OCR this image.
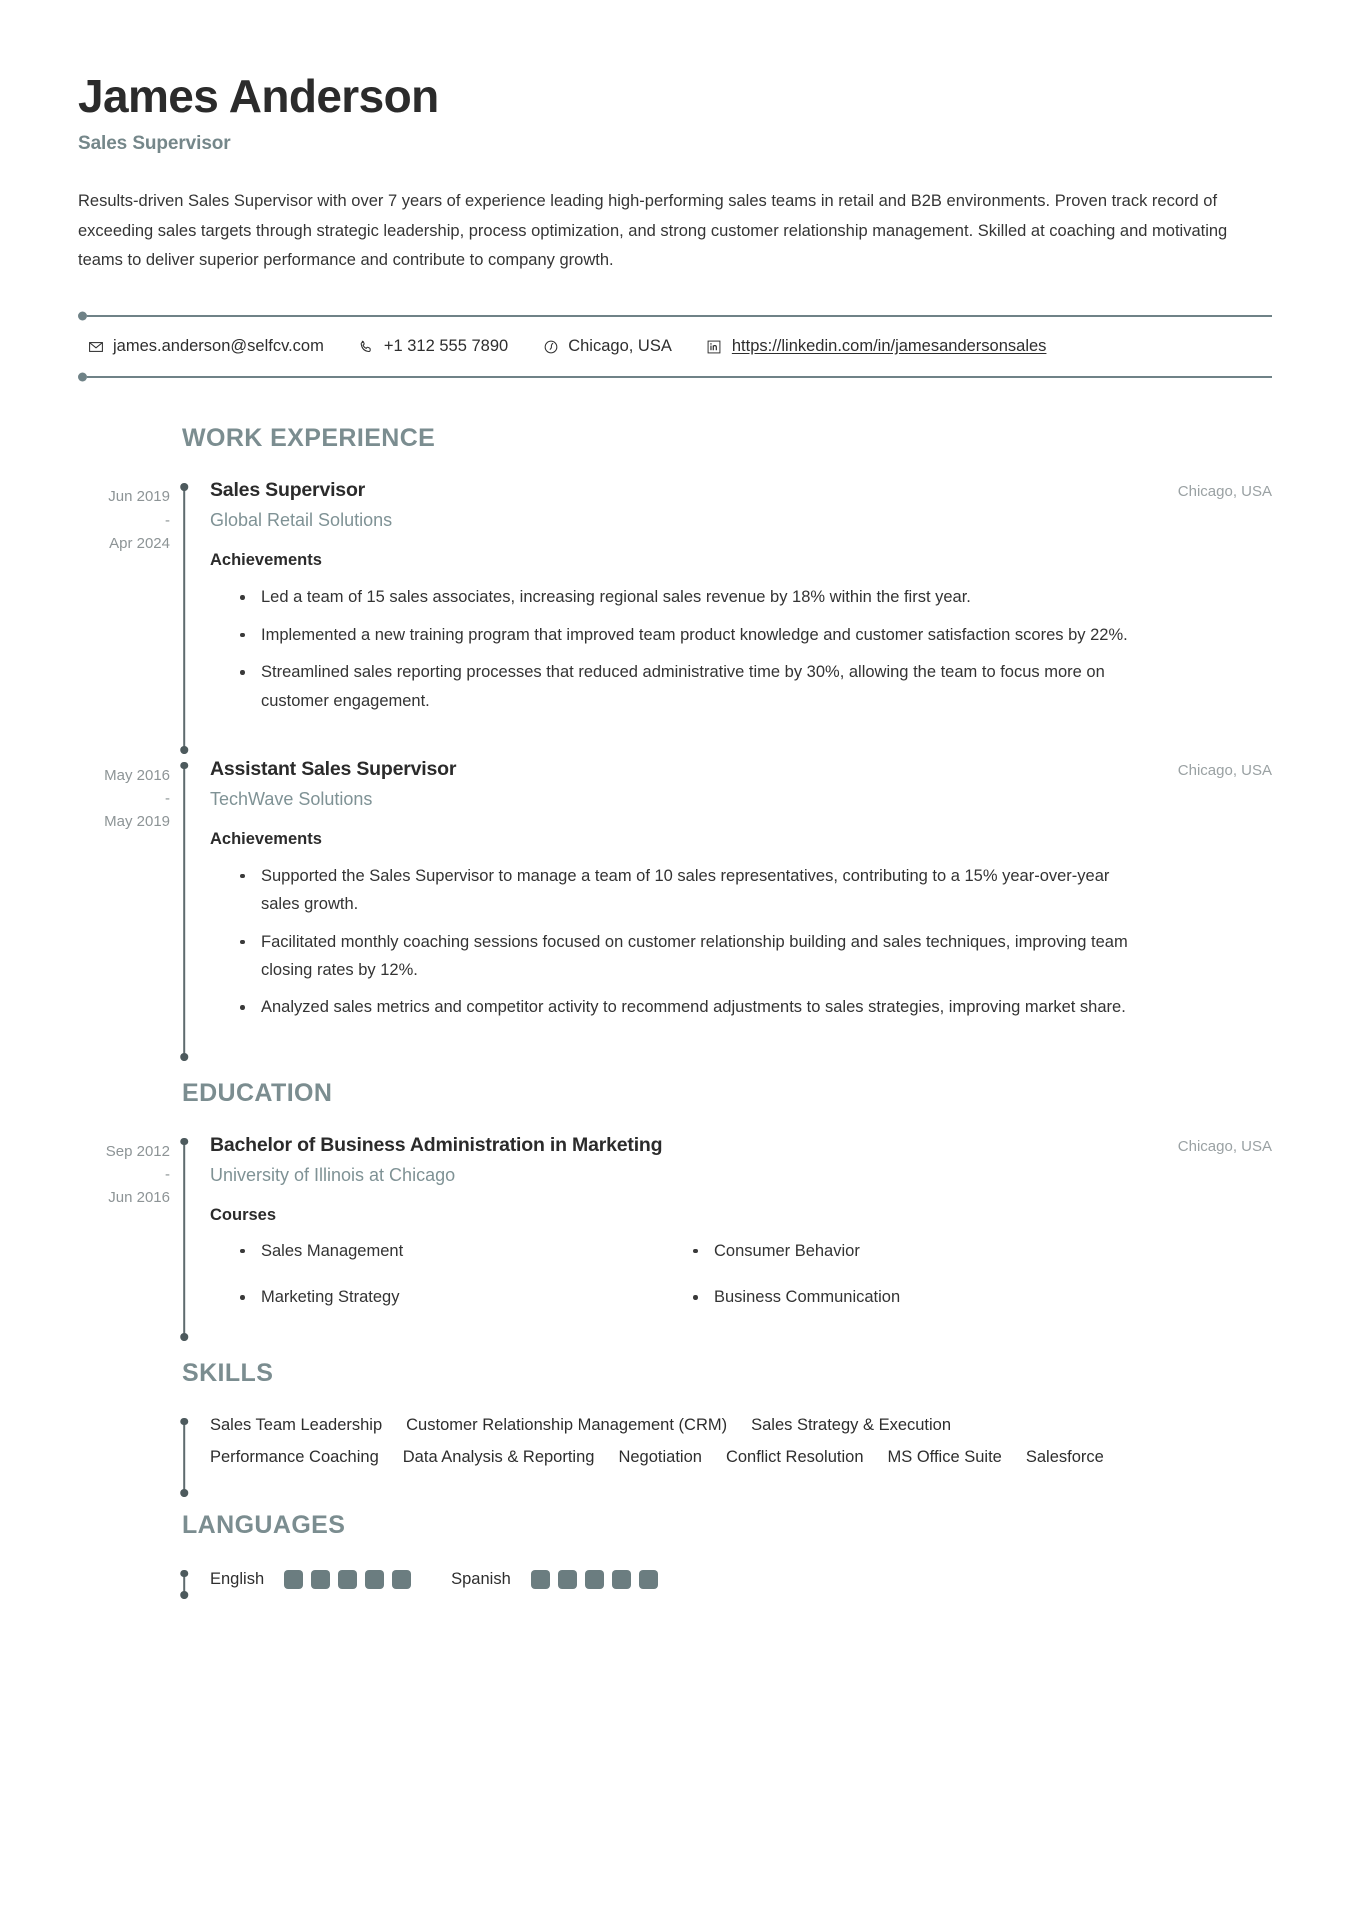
James Anderson
Sales Supervisor

Results-driven Sales Supervisor with over 7 years of experience leading high-performing sales teams in retail and B2B environments. Proven track record of exceeding sales targets through strategic leadership, process optimization, and strong customer relationship management. Skilled at coaching and motivating teams to deliver superior performance and contribute to company growth.

james.anderson@selfcv.com	+1 312 555 7890	Chicago, USA	https://linkedin.com/in/jamesandersonsales
WORK EXPERIENCE
Jun 2019
-
Apr 2024
Sales Supervisor	Chicago, USA
Global Retail Solutions
Achievements
Led a team of 15 sales associates, increasing regional sales revenue by 18% within the first year.
Implemented a new training program that improved team product knowledge and customer satisfaction scores by 22%.
Streamlined sales reporting processes that reduced administrative time by 30%, allowing the team to focus more on customer engagement.
May 2016
-
May 2019
Assistant Sales Supervisor	Chicago, USA
TechWave Solutions
Achievements
Supported the Sales Supervisor to manage a team of 10 sales representatives, contributing to a 15% year-over-year sales growth.
Facilitated monthly coaching sessions focused on customer relationship building and sales techniques, improving team closing rates by 12%.
Analyzed sales metrics and competitor activity to recommend adjustments to sales strategies, improving market share.
EDUCATION
Sep 2012
-
Jun 2016
Bachelor of Business Administration in Marketing	Chicago, USA
University of Illinois at Chicago
Courses
Sales Management	Consumer Behavior
Marketing Strategy	Business Communication
SKILLS
Sales Team Leadership Customer Relationship Management (CRM) Sales Strategy & Execution
Performance Coaching Data Analysis & Reporting Negotiation Conflict Resolution MS Office Suite Salesforce
LANGUAGES
English	Spanish
